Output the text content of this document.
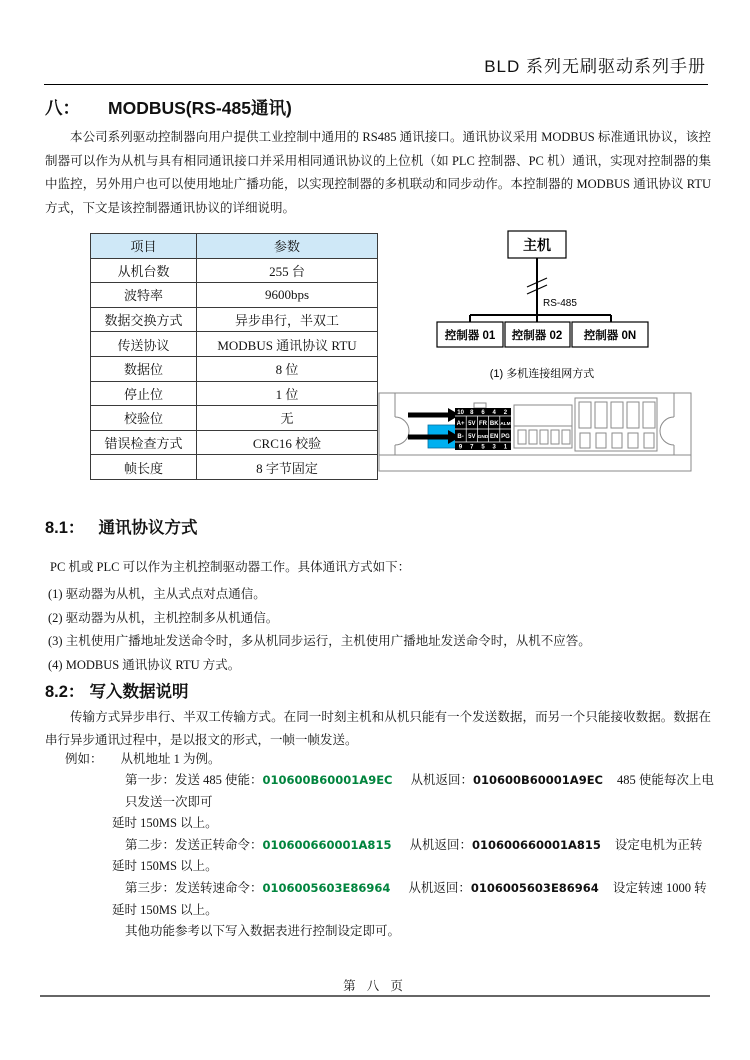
BLD 系列无刷驱动系列手册
八： MODBUS(RS-485通讯)
本公司系列驱动控制器向用户提供工业控制中通用的 RS485 通讯接口。通讯协议采用 MODBUS 标准通讯协议，该控制器可以作为从机与具有相同通讯接口并采用相同通讯协议的上位机（如 PLC 控制器、PC 机）通讯，实现对控制器的集中监控，另外用户也可以使用地址广播功能，以实现控制器的多机联动和同步动作。本控制器的 MODBUS 通讯协议 RTU 方式，下文是该控制器通讯协议的详细说明。
项目	参数
从机台数	255 台
波特率	9600bps
数据交换方式	异步串行，半双工
传送协议	MODBUS 通讯协议 RTU
数据位	8 位
停止位	1 位
校验位	无
错误检查方式	CRC16 校验
帧长度	8 字节固定
主机
RS-485
控制器 01 控制器 02 控制器 0N
(1) 多机连接组网方式
10 8 6 4 2
A+ 5V FR BK ALM
B- 5V GND EN PG
9 7 5 3 1
8.1： 通讯协议方式
PC 机或 PLC 可以作为主机控制驱动器工作。具体通讯方式如下：
(1) 驱动器为从机，主从式点对点通信。
(2) 驱动器为从机，主机控制多从机通信。
(3) 主机使用广播地址发送命令时，多从机同步运行，主机使用广播地址发送命令时，从机不应答。
(4) MODBUS 通讯协议 RTU 方式。
8.2： 写入数据说明
传输方式异步串行、半双工传输方式。在同一时刻主机和从机只能有一个发送数据，而另一个只能接收数据。数据在串行异步通讯过程中，是以报文的形式，一帧一帧发送。
例如： 从机地址 1 为例。
第一步：发送 485 使能：010600B60001A9EC 从机返回：010600B60001A9EC 485 使能每次上电只发送一次即可
延时 150MS 以上。
第二步：发送正转命令：010600660001A815 从机返回：010600660001A815 设定电机为正转
延时 150MS 以上。
第三步：发送转速命令：0106005603E86964 从机返回：0106005603E86964 设定转速 1000 转
延时 150MS 以上。
其他功能参考以下写入数据表进行控制设定即可。
第 八 页
